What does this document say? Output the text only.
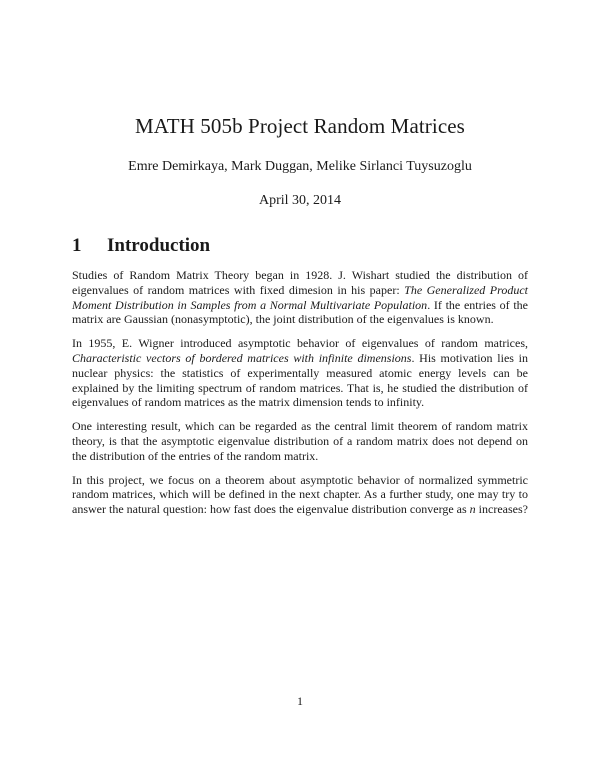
MATH 505b Project Random Matrices
Emre Demirkaya, Mark Duggan, Melike Sirlanci Tuysuzoglu
April 30, 2014
1 Introduction

Studies of Random Matrix Theory began in 1928. J. Wishart studied the distribution of eigenvalues of random matrices with fixed dimesion in his paper: The Generalized Product Moment Distribution in Samples from a Normal Multivariate Population. If the entries of the matrix are Gaussian (nonasymptotic), the joint distribution of the eigenvalues is known.

In 1955, E. Wigner introduced asymptotic behavior of eigenvalues of random matrices, Characteristic vectors of bordered matrices with infinite dimensions. His motivation lies in nuclear physics: the statistics of experimentally measured atomic energy levels can be explained by the limiting spectrum of random matrices. That is, he studied the distribution of eigenvalues of random matrices as the matrix dimension tends to infinity.

One interesting result, which can be regarded as the central limit theorem of random matrix theory, is that the asymptotic eigenvalue distribution of a random matrix does not depend on the distribution of the entries of the random matrix.

In this project, we focus on a theorem about asymptotic behavior of normalized symmetric random matrices, which will be defined in the next chapter. As a further study, one may try to answer the natural question: how fast does the eigenvalue distribution converge as n increases?

1
